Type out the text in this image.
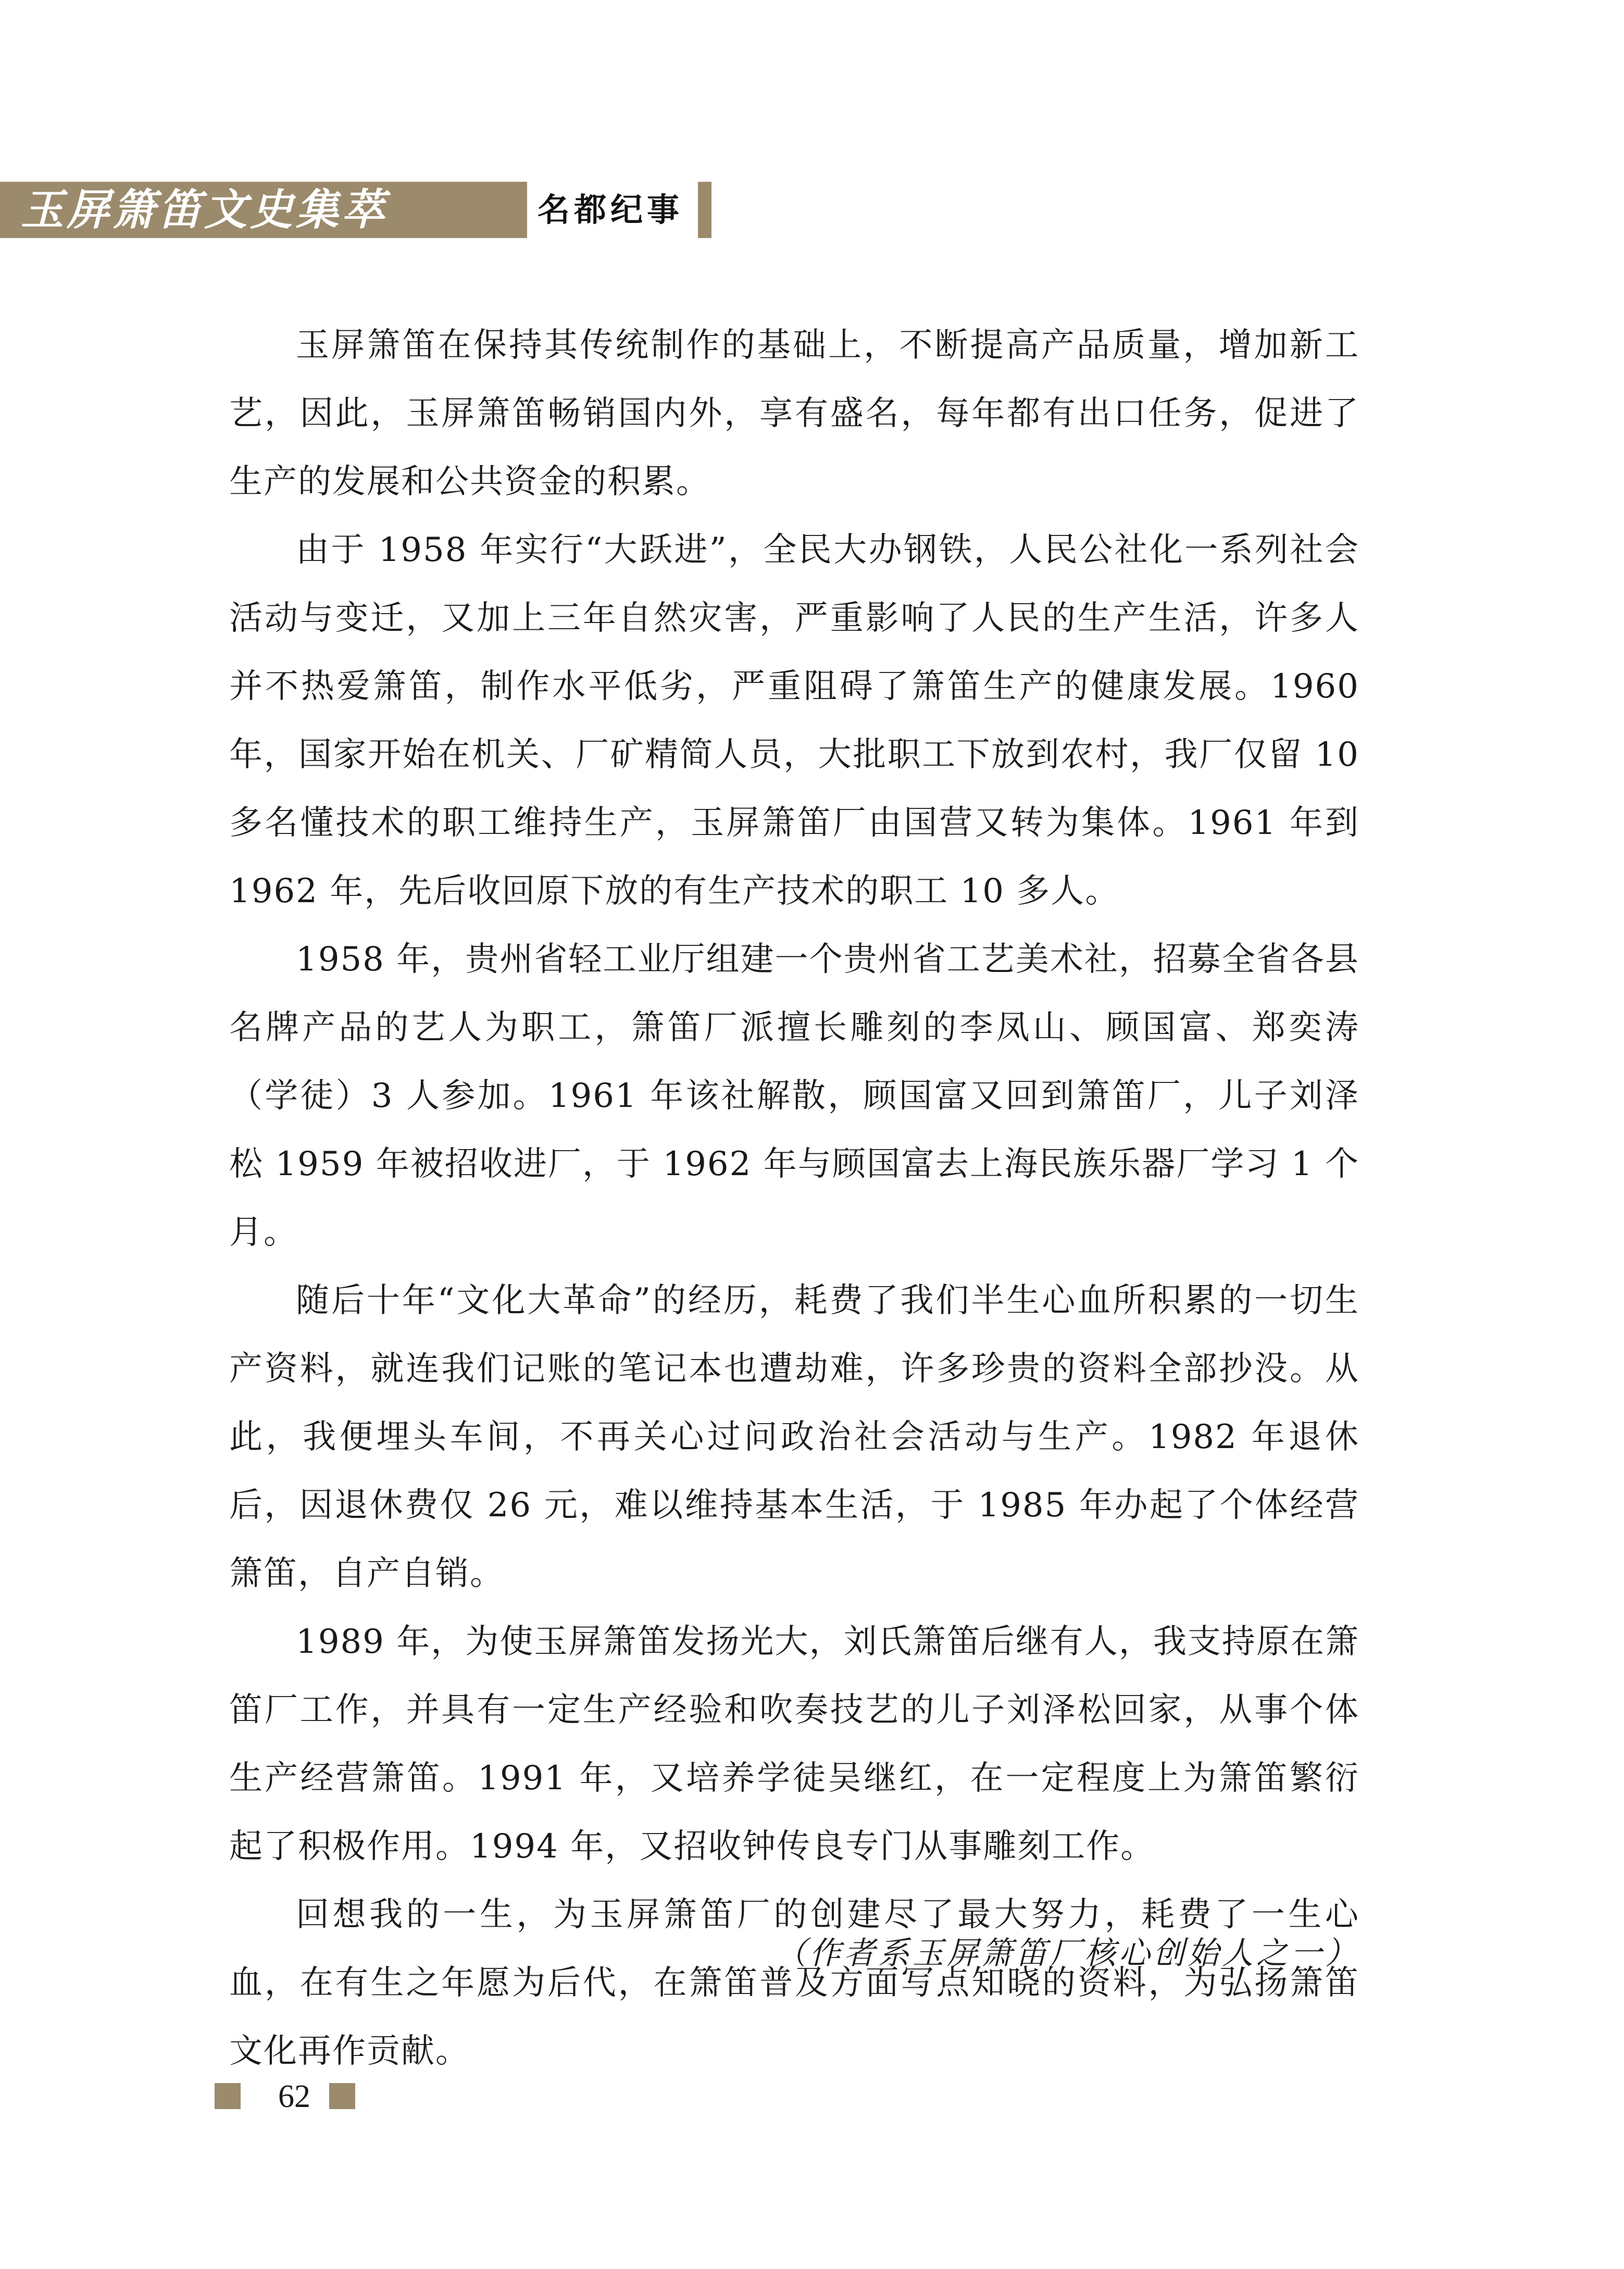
玉屏箫笛文史集萃	名都纪事

玉屏箫笛在保持其传统制作的基础上，不断提高产品质量，增加新工艺，因此，玉屏箫笛畅销国内外，享有盛名，每年都有出口任务，促进了生产的发展和公共资金的积累。

由于 1958 年实行“大跃进”，全民大办钢铁，人民公社化一系列社会活动与变迁，又加上三年自然灾害，严重影响了人民的生产生活，许多人并不热爱箫笛，制作水平低劣，严重阻碍了箫笛生产的健康发展。1960 年，国家开始在机关、厂矿精简人员，大批职工下放到农村，我厂仅留 10 多名懂技术的职工维持生产，玉屏箫笛厂由国营又转为集体。1961 年到 1962 年，先后收回原下放的有生产技术的职工 10 多人。

1958 年，贵州省轻工业厅组建一个贵州省工艺美术社，招募全省各县名牌产品的艺人为职工，箫笛厂派擅长雕刻的李凤山、顾国富、郑奕涛（学徒）3 人参加。1961 年该社解散，顾国富又回到箫笛厂，儿子刘泽松 1959 年被招收进厂，于 1962 年与顾国富去上海民族乐器厂学习 1 个月。

随后十年“文化大革命”的经历，耗费了我们半生心血所积累的一切生产资料，就连我们记账的笔记本也遭劫难，许多珍贵的资料全部抄没。从此，我便埋头车间，不再关心过问政治社会活动与生产。1982 年退休后，因退休费仅 26 元，难以维持基本生活，于 1985 年办起了个体经营箫笛，自产自销。

1989 年，为使玉屏箫笛发扬光大，刘氏箫笛后继有人，我支持原在箫笛厂工作，并具有一定生产经验和吹奏技艺的儿子刘泽松回家，从事个体生产经营箫笛。1991 年，又培养学徒吴继红，在一定程度上为箫笛繁衍起了积极作用。1994 年，又招收钟传良专门从事雕刻工作。

回想我的一生，为玉屏箫笛厂的创建尽了最大努力，耗费了一生心血，在有生之年愿为后代，在箫笛普及方面写点知晓的资料，为弘扬箫笛文化再作贡献。

（作者系玉屏箫笛厂核心创始人之一）
62
